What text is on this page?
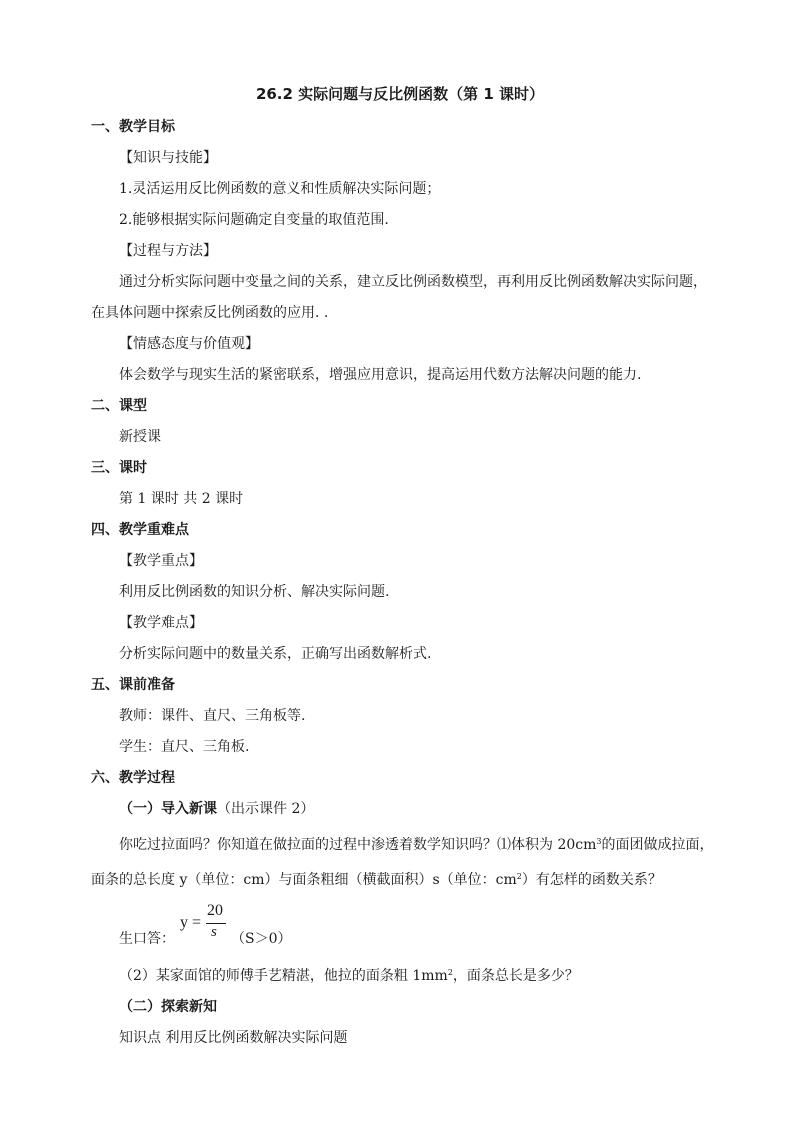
26.2 实际问题与反比例函数（第 1 课时）
一、教学目标
【知识与技能】
1.灵活运用反比例函数的意义和性质解决实际问题；
2.能够根据实际问题确定自变量的取值范围.
【过程与方法】
通过分析实际问题中变量之间的关系，建立反比例函数模型，再利用反比例函数解决实际问题，
在具体问题中探索反比例函数的应用. .
【情感态度与价值观】
体会数学与现实生活的紧密联系，增强应用意识，提高运用代数方法解决问题的能力.
二、课型
新授课
三、课时
第 1 课时 共 2 课时
四、教学重难点
【教学重点】
利用反比例函数的知识分析、解决实际问题.
【教学难点】
分析实际问题中的数量关系，正确写出函数解析式.
五、课前准备
教师：课件、直尺、三角板等.
学生：直尺、三角板.
六、教学过程
（一）导入新课（出示课件 2）
你吃过拉面吗？你知道在做拉面的过程中渗透着数学知识吗？⑴体积为 $20cm^3$的面团做成拉面，
面条的总长度 y（单位：cm）与面条粗细（横截面积）s（单位：$cm^2$）有怎样的函数关系？
生口答：
y =
20
s （S＞0）
（2）某家面馆的师傅手艺精湛，他拉的面条粗 $1mm^2$，面条总长是多少？
（二）探索新知
知识点 利用反比例函数解决实际问题
